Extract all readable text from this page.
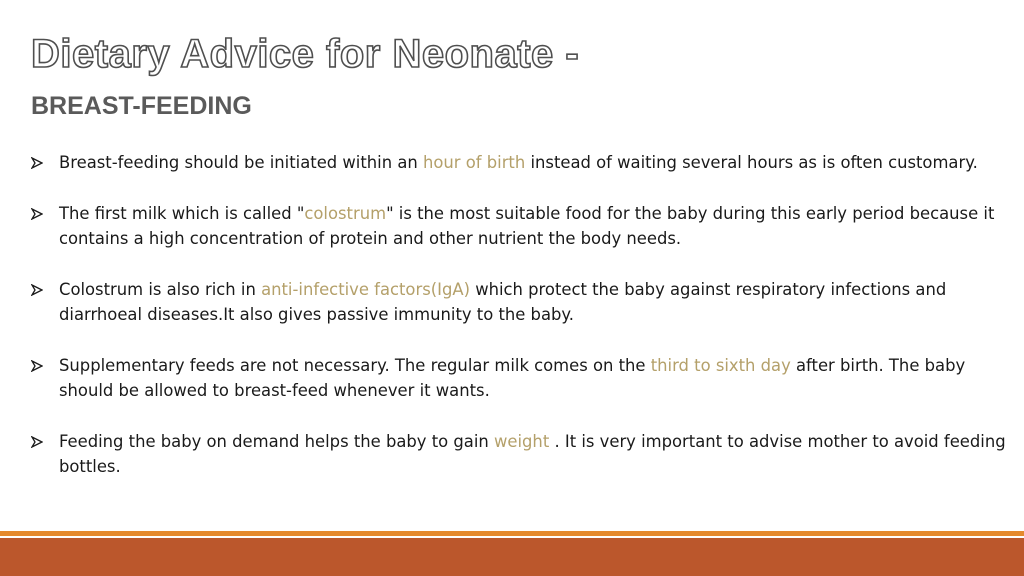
Dietary Advice for Neonate -
BREAST-FEEDING
Breast-feeding should be initiated within an hour of birth instead of waiting several hours as is often customary.
The first milk which is called "colostrum" is the most suitable food for the baby during this early period because it contains a high concentration of protein and other nutrient the body needs.
Colostrum is also rich in anti-infective factors(IgA) which protect the baby against respiratory infections and diarrhoeal diseases.It also gives passive immunity to the baby.
Supplementary feeds are not necessary. The regular milk comes on the third to sixth day after birth. The baby should be allowed to breast-feed whenever it wants.
Feeding the baby on demand helps the baby to gain weight . It is very important to advise mother to avoid feeding bottles.
